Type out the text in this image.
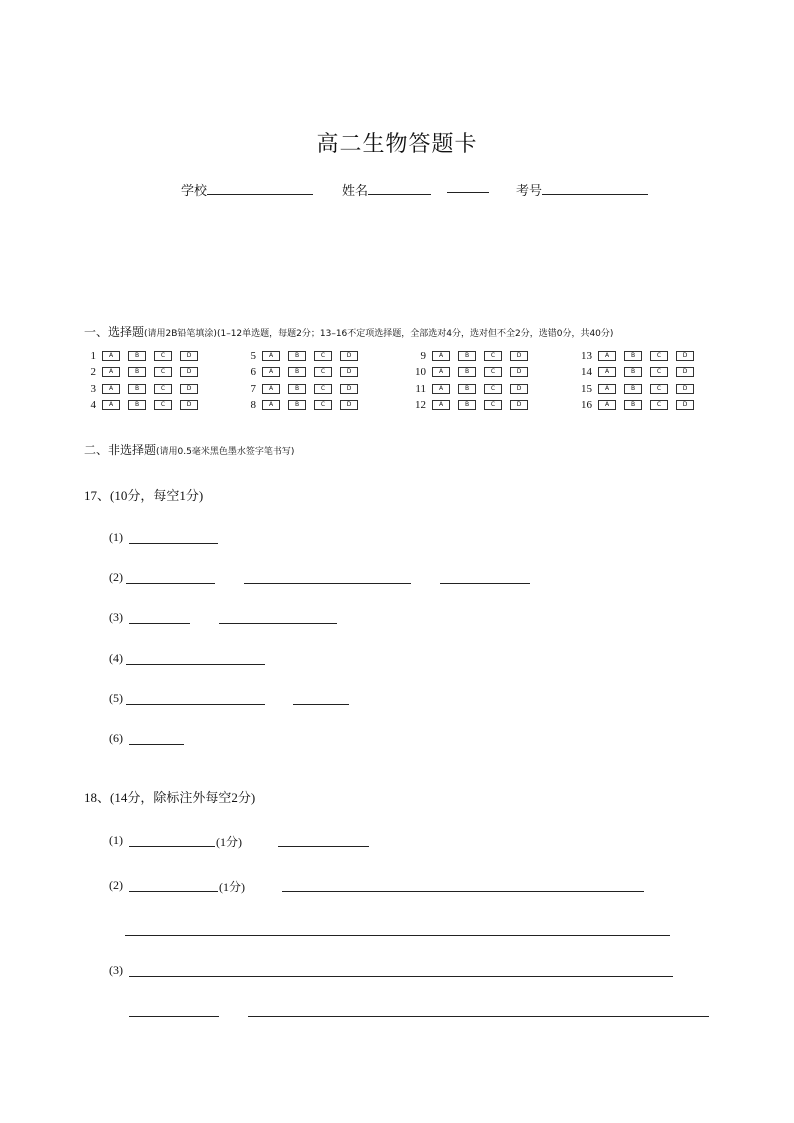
高二生物答题卡
学校	姓名	考号
一、选择题(请用2B铅笔填涂)(1–12单选题，每题2分；13–16不定项选择题，全部选对4分，选对但不全2分，选错0分，共40分)
1	A	B	C	D
2	A	B	C	D
3	A	B	C	D
4	A	B	C	D
5	A	B	C	D
6	A	B	C	D
7	A	B	C	D
8	A	B	C	D
9	A	B	C	D
10	A	B	C	D
11	A	B	C	D
12	A	B	C	D
13	A	B	C	D
14	A	B	C	D
15	A	B	C	D
16	A	B	C	D
二、非选择题(请用0.5毫米黑色墨水签字笔书写)
17、(10分，每空1分)
(1)
(2)
(3)
(4)
(5)
(6)
18、(14分，除标注外每空2分)
(1)	(1分)
(2)	(1分)
(3)
